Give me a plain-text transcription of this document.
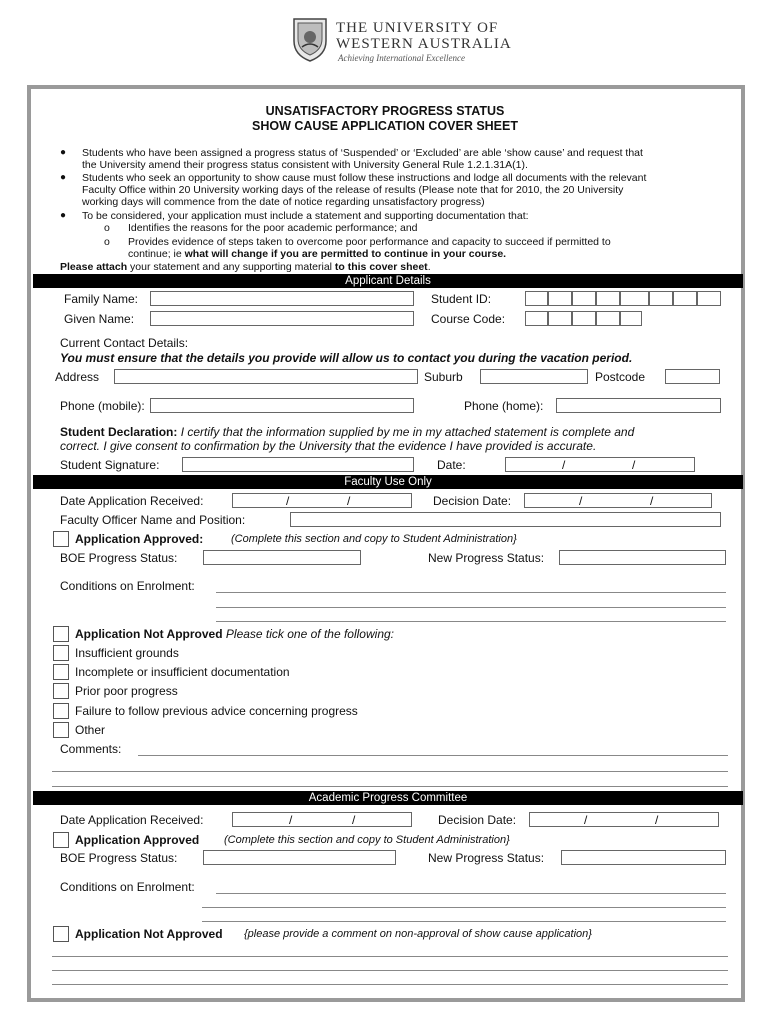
THE UNIVERSITY OF
WESTERN AUSTRALIA
Achieving International Excellence
UNSATISFACTORY PROGRESS STATUS
SHOW CAUSE APPLICATION COVER SHEET
● Students who have been assigned a progress status of ‘Suspended’ or ‘Excluded’ are able ‘show cause’ and request that
the University amend their progress status consistent with University General Rule 1.2.1.31A(1).
● Students who seek an opportunity to show cause must follow these instructions and lodge all documents with the relevant
Faculty Office within 20 University working days of the release of results (Please note that for 2010, the 20 University
working days will commence from the date of notice regarding unsatisfactory progress)
● To be considered, your application must include a statement and supporting documentation that:
o Identifies the reasons for the poor academic performance; and
o Provides evidence of steps taken to overcome poor performance and capacity to succeed if permitted to
continue; ie what will change if you are permitted to continue in your course.
Please attach your statement and any supporting material to this cover sheet.
Applicant Details
Family Name:	Student ID:
Given Name:	Course Code:
Current Contact Details:
You must ensure that the details you provide will allow us to contact you during the vacation period.
Address	Suburb	Postcode
Phone (mobile):	Phone (home):
Student Declaration: I certify that the information supplied by me in my attached statement is complete and
correct. I give consent to confirmation by the University that the evidence I have provided is accurate.
Student Signature:	Date:	/	/
Faculty Use Only
Date Application Received:	/	/	Decision Date:	/	/
Faculty Officer Name and Position:
Application Approved:	(Complete this section and copy to Student Administration}
BOE Progress Status:	New Progress Status:
Conditions on Enrolment:
Application Not Approved Please tick one of the following:
Insufficient grounds
Incomplete or insufficient documentation
Prior poor progress
Failure to follow previous advice concerning progress
Other
Comments:
Academic Progress Committee
Date Application Received:	/	/	Decision Date:	/	/
Application Approved (Complete this section and copy to Student Administration}
BOE Progress Status:	New Progress Status:
Conditions on Enrolment:
Application Not Approved {please provide a comment on non-approval of show cause application}
